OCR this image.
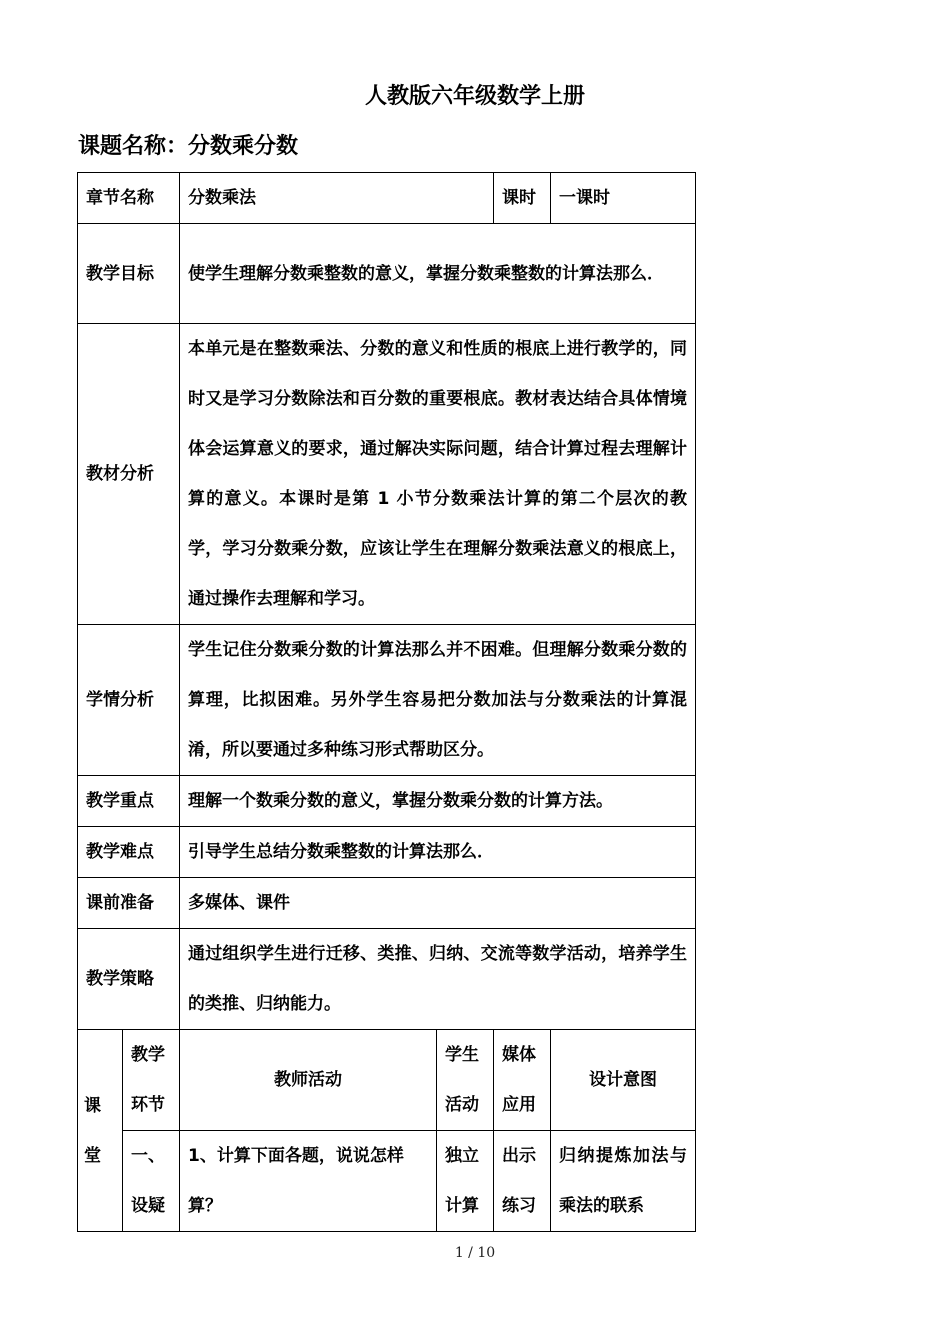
人教版六年级数学上册
课题名称：分数乘分数
章节名称		分数乘法		课时	一课时
教学目标		使学生理解分数乘整数的意义，掌握分数乘整数的计算法那么．			
教材分析		本单元是在整数乘法、分数的意义和性质的根底上进行教学的，同时又是学习分数除法和百分数的重要根底。教材表达结合具体情境体会运算意义的要求，通过解决实际问题，结合计算过程去理解计算的意义。本课时是第 1 小节分数乘法计算的第二个层次的教学，学习分数乘分数，应该让学生在理解分数乘法意义的根底上，通过操作去理解和学习。			
学情分析		学生记住分数乘分数的计算法那么并不困难。但理解分数乘分数的算理，比拟困难。另外学生容易把分数加法与分数乘法的计算混淆，所以要通过多种练习形式帮助区分。			
教学重点		理解一个数乘分数的意义，掌握分数乘分数的计算方法。			
教学难点		引导学生总结分数乘整数的计算法那么．			
课前准备		多媒体、课件			
教学策略		通过组织学生进行迁移、类推、归纳、交流等数学活动，培养学生的类推、归纳能力。			
课堂	教学环节	教师活动	学生活动	媒体应用	设计意图
	一、设疑	1、计算下面各题，说说怎样算？	独立计算	出示练习	归纳提炼加法与乘法的联系
1 / 10
